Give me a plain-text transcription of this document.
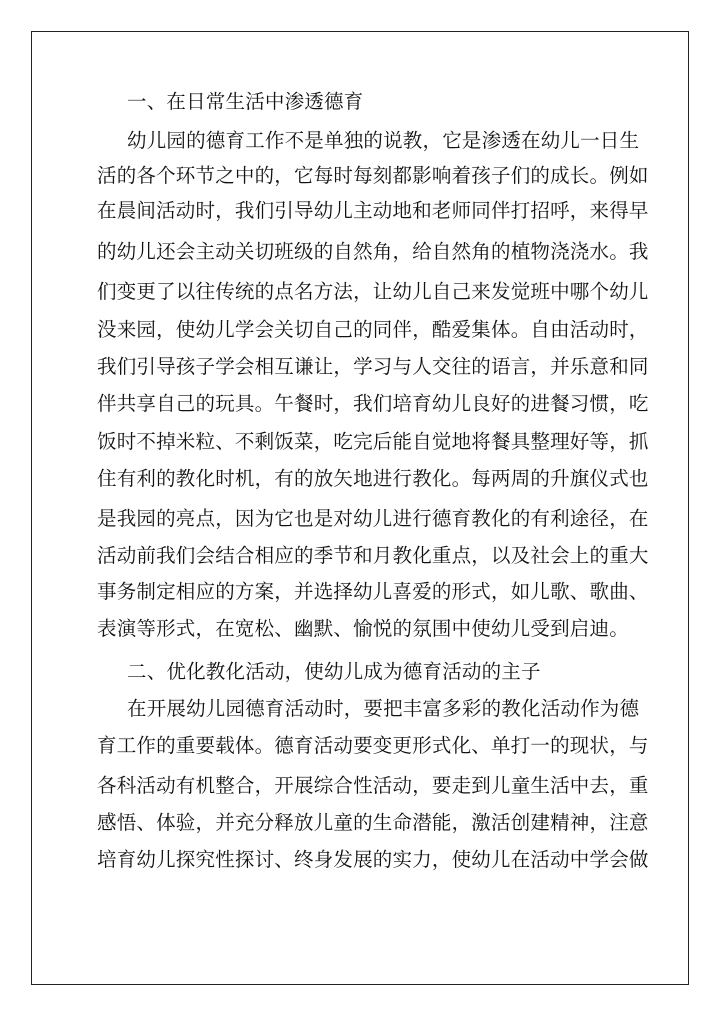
一、在日常生活中渗透德育
幼儿园的德育工作不是单独的说教，它是渗透在幼儿一日生
活的各个环节之中的，它每时每刻都影响着孩子们的成长。例如
在晨间活动时，我们引导幼儿主动地和老师同伴打招呼，来得早
的幼儿还会主动关切班级的自然角，给自然角的植物浇浇水。我
们变更了以往传统的点名方法，让幼儿自己来发觉班中哪个幼儿
没来园，使幼儿学会关切自己的同伴，酷爱集体。自由活动时，
我们引导孩子学会相互谦让，学习与人交往的语言，并乐意和同
伴共享自己的玩具。午餐时，我们培育幼儿良好的进餐习惯，吃
饭时不掉米粒、不剩饭菜，吃完后能自觉地将餐具整理好等，抓
住有利的教化时机，有的放矢地进行教化。每两周的升旗仪式也
是我园的亮点，因为它也是对幼儿进行德育教化的有利途径，在
活动前我们会结合相应的季节和月教化重点，以及社会上的重大
事务制定相应的方案，并选择幼儿喜爱的形式，如儿歌、歌曲、
表演等形式，在宽松、幽默、愉悦的氛围中使幼儿受到启迪。
二、优化教化活动，使幼儿成为德育活动的主子
在开展幼儿园德育活动时，要把丰富多彩的教化活动作为德
育工作的重要载体。德育活动要变更形式化、单打一的现状，与
各科活动有机整合，开展综合性活动，要走到儿童生活中去，重
感悟、体验，并充分释放儿童的生命潜能，激活创建精神，注意
培育幼儿探究性探讨、终身发展的实力，使幼儿在活动中学会做
